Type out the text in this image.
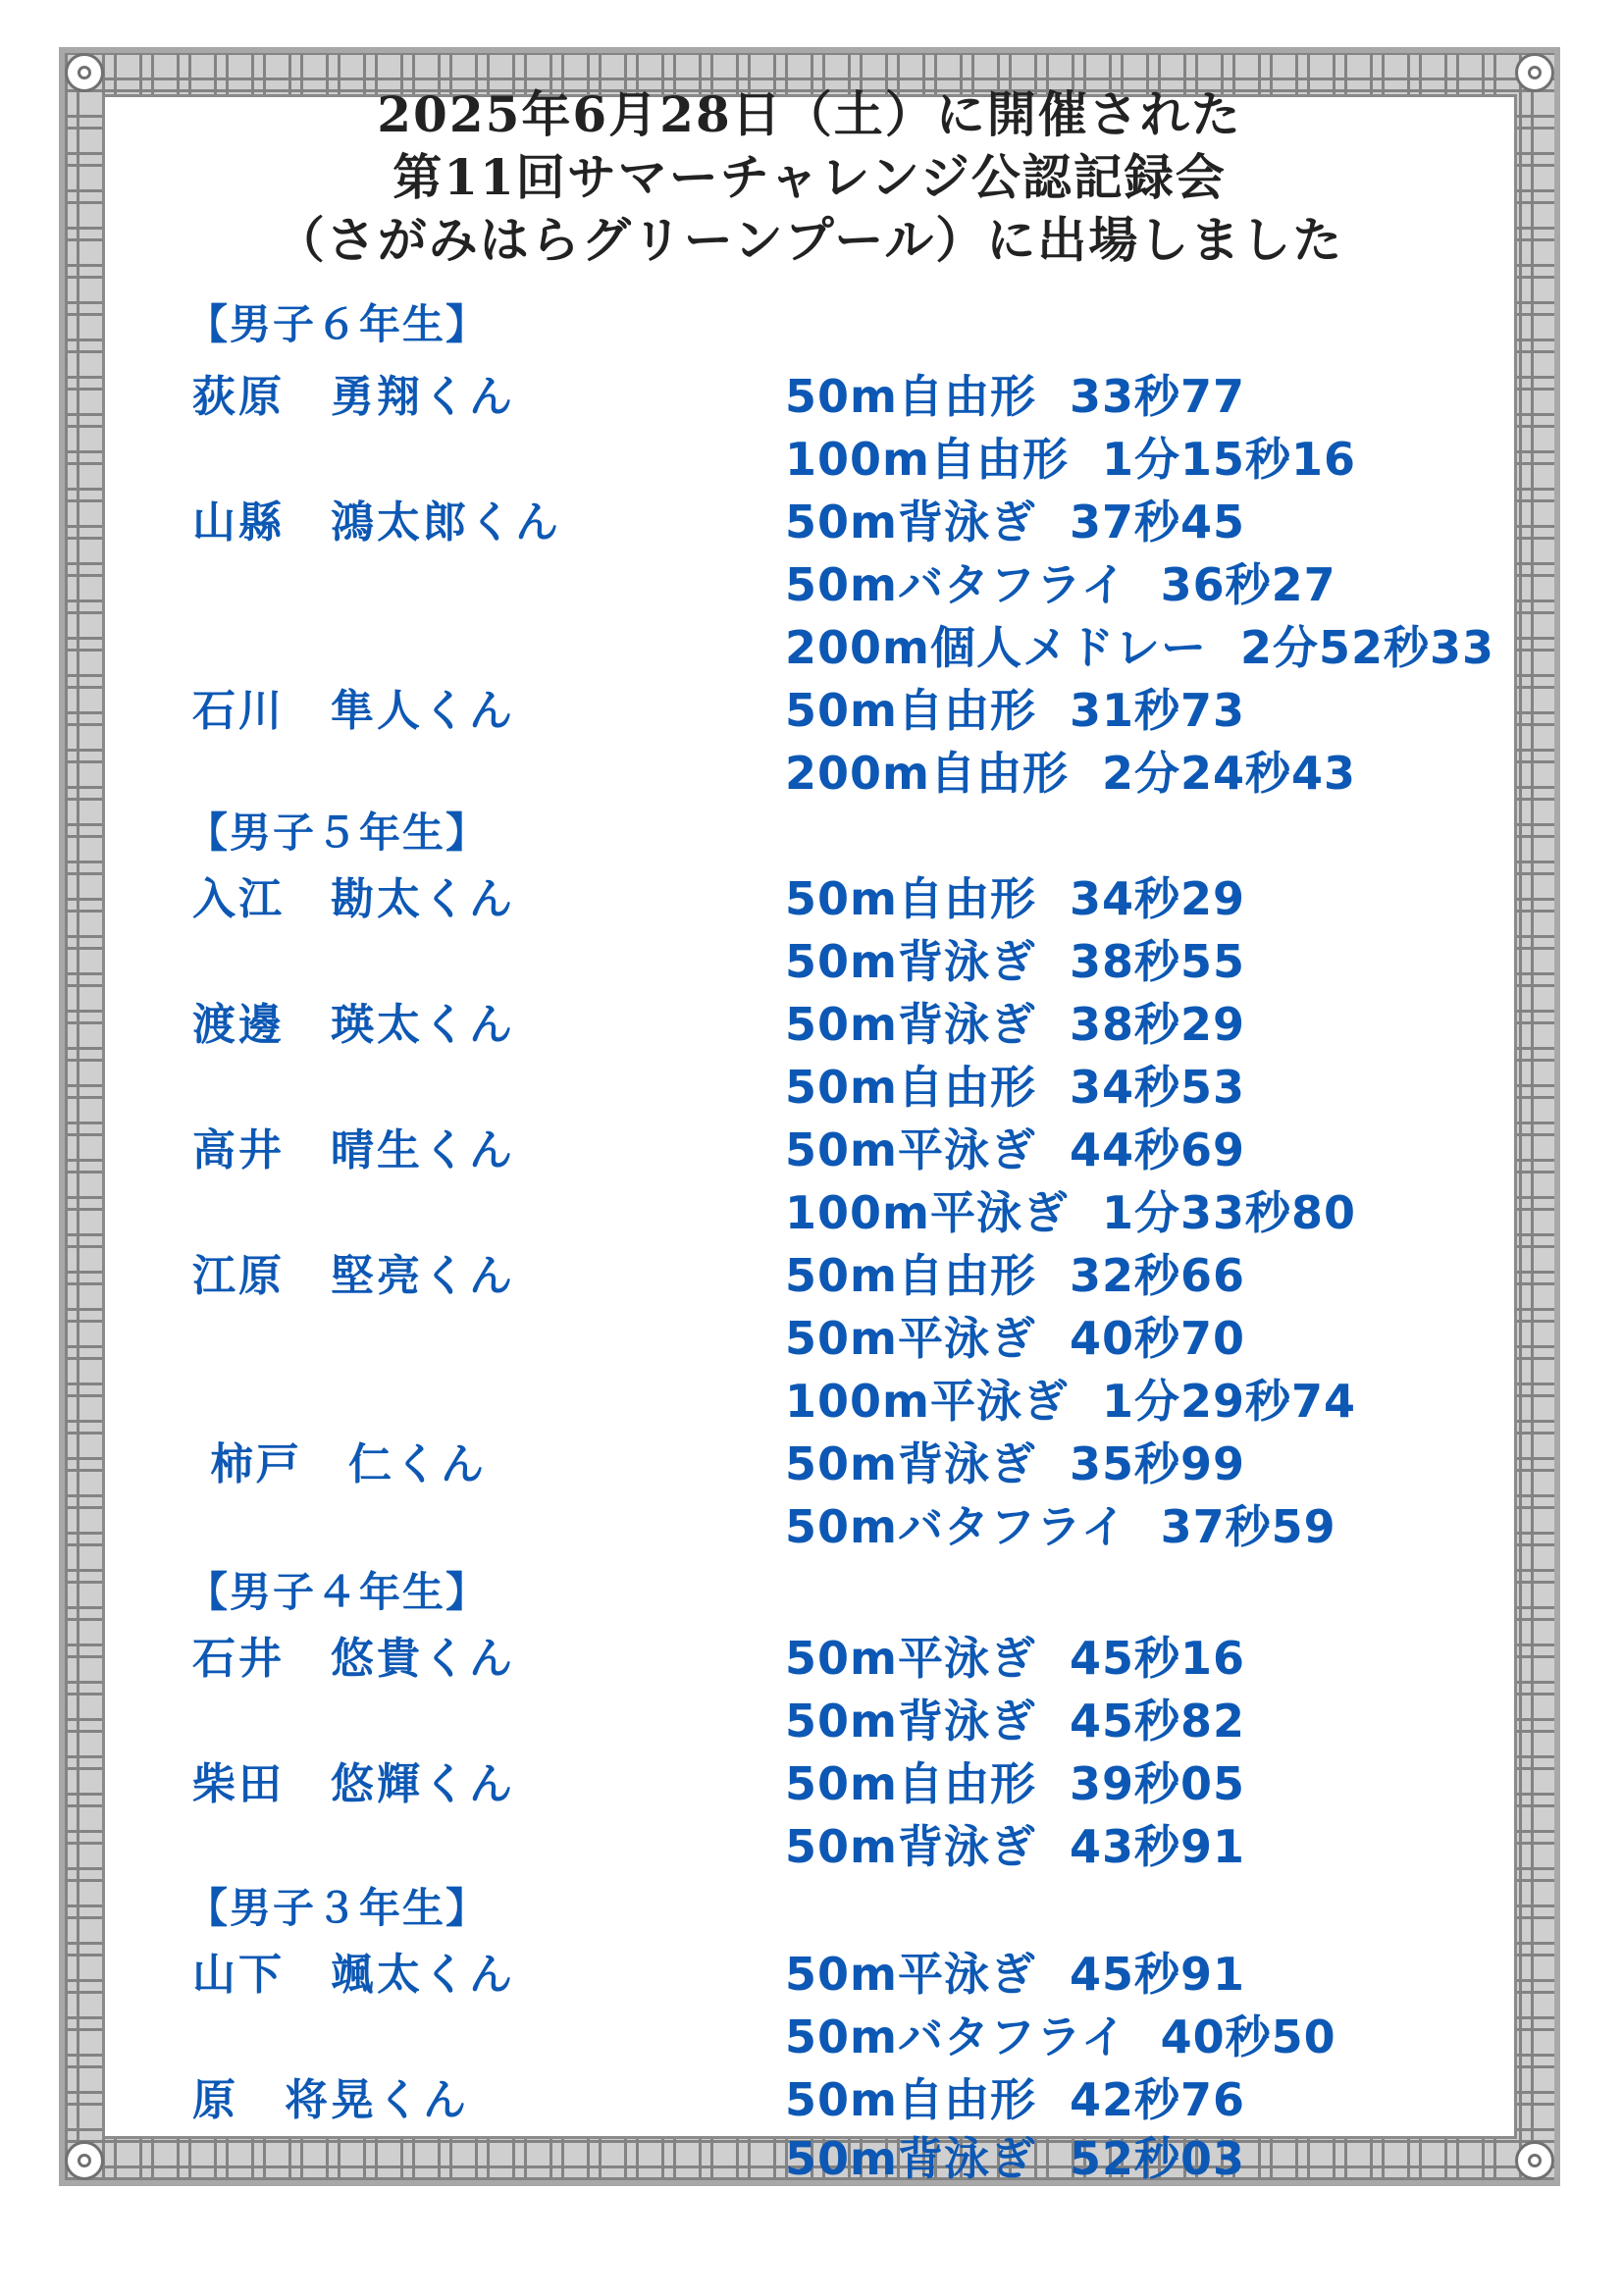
2025年6月28日（土）に開催された
第11回サマーチャレンジ公認記録会
（さがみはらグリーンプール）に出場しました
【男子６年生】
荻原　勇翔くん	50m自由形  33秒77
100m自由形  1分15秒16
山縣　鴻太郎くん	50m背泳ぎ  37秒45
50mバタフライ  36秒27
200m個人メドレー  2分52秒33
石川　隼人くん	50m自由形  31秒73
200m自由形  2分24秒43
【男子５年生】
入江　勘太くん	50m自由形  34秒29
50m背泳ぎ  38秒55
渡邊　瑛太くん	50m背泳ぎ  38秒29
50m自由形  34秒53
高井　晴生くん	50m平泳ぎ  44秒69
100m平泳ぎ  1分33秒80
江原　堅亮くん	50m自由形  32秒66
50m平泳ぎ  40秒70
100m平泳ぎ  1分29秒74
柿戸　仁くん	50m背泳ぎ  35秒99
50mバタフライ  37秒59
【男子４年生】
石井　悠貴くん	50m平泳ぎ  45秒16
50m背泳ぎ  45秒82
柴田　悠輝くん	50m自由形  39秒05
50m背泳ぎ  43秒91
【男子３年生】
山下　颯太くん	50m平泳ぎ  45秒91
50mバタフライ  40秒50
原　将晃くん	50m自由形  42秒76
50m背泳ぎ  52秒03
